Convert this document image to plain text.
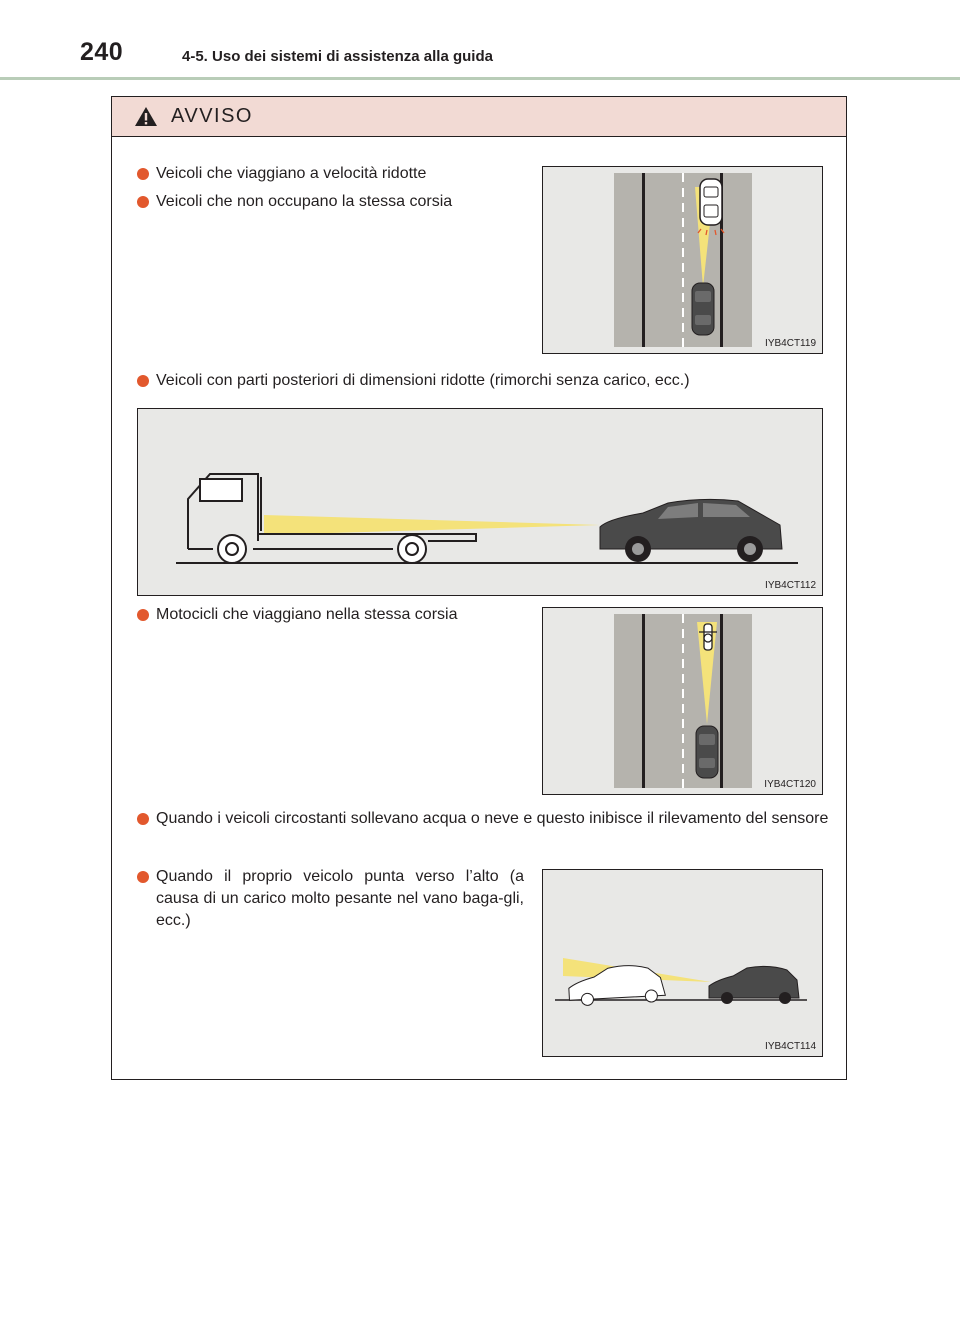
240	4-5. Uso dei sistemi di assistenza alla guida
AVVISO
Veicoli che viaggiano a velocità ridotte
Veicoli che non occupano la stessa corsia
IYB4CT119
Veicoli con parti posteriori di dimensioni ridotte (rimorchi senza carico, ecc.)
IYB4CT112
Motocicli che viaggiano nella stessa corsia
IYB4CT120
Quando i veicoli circostanti sollevano acqua o neve e questo inibisce il rilevamento del sensore
Quando il proprio veicolo punta verso l’alto (a causa di un carico molto pesante nel vano baga-gli, ecc.)
IYB4CT114
